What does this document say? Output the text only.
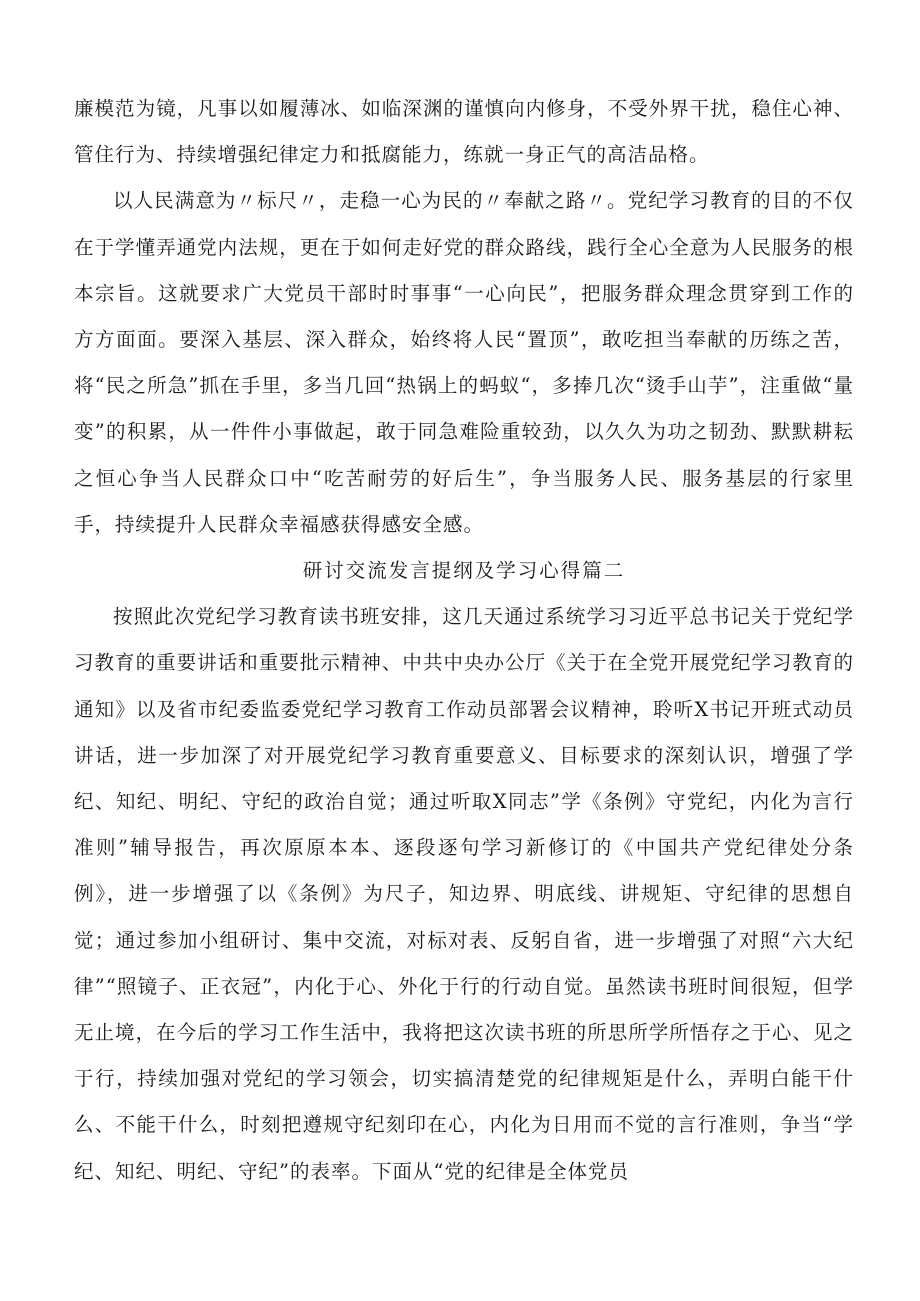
廉模范为镜，凡事以如履薄冰、如临深渊的谨慎向内修身，不受外界干扰，稳住心神、管住行为、持续增强纪律定力和抵腐能力，练就一身正气的高洁品格。

以人民满意为〃标尺〃，走稳一心为民的〃奉献之路〃。党纪学习教育的目的不仅在于学懂弄通党内法规，更在于如何走好党的群众路线，践行全心全意为人民服务的根本宗旨。这就要求广大党员干部时时事事“一心向民”，把服务群众理念贯穿到工作的方方面面。要深入基层、深入群众，始终将人民“置顶”，敢吃担当奉献的历练之苦，将“民之所急”抓在手里，多当几回“热锅上的蚂蚁“，多捧几次“烫手山芋”，注重做“量变”的积累，从一件件小事做起，敢于同急难险重较劲，以久久为功之韧劲、默默耕耘之恒心争当人民群众口中“吃苦耐劳的好后生”，争当服务人民、服务基层的行家里手，持续提升人民群众幸福感获得感安全感。

研讨交流发言提纲及学习心得篇二

按照此次党纪学习教育读书班安排，这几天通过系统学习习近平总书记关于党纪学习教育的重要讲话和重要批示精神、中共中央办公厅《关于在全党开展党纪学习教育的通知》以及省市纪委监委党纪学习教育工作动员部署会议精神，聆听X书记开班式动员讲话，进一步加深了对开展党纪学习教育重要意义、目标要求的深刻认识，增强了学纪、知纪、明纪、守纪的政治自觉；通过听取X同志”学《条例》守党纪，内化为言行准则”辅导报告，再次原原本本、逐段逐句学习新修订的《中国共产党纪律处分条例》，进一步增强了以《条例》为尺子，知边界、明底线、讲规矩、守纪律的思想自觉；通过参加小组研讨、集中交流，对标对表、反躬自省，进一步增强了对照“六大纪律”“照镜子、正衣冠”，内化于心、外化于行的行动自觉。虽然读书班时间很短，但学无止境，在今后的学习工作生活中，我将把这次读书班的所思所学所悟存之于心、见之于行，持续加强对党纪的学习领会，切实搞清楚党的纪律规矩是什么，弄明白能干什么、不能干什么，时刻把遵规守纪刻印在心，内化为日用而不觉的言行准则，争当“学纪、知纪、明纪、守纪”的表率。下面从“党的纪律是全体党员
